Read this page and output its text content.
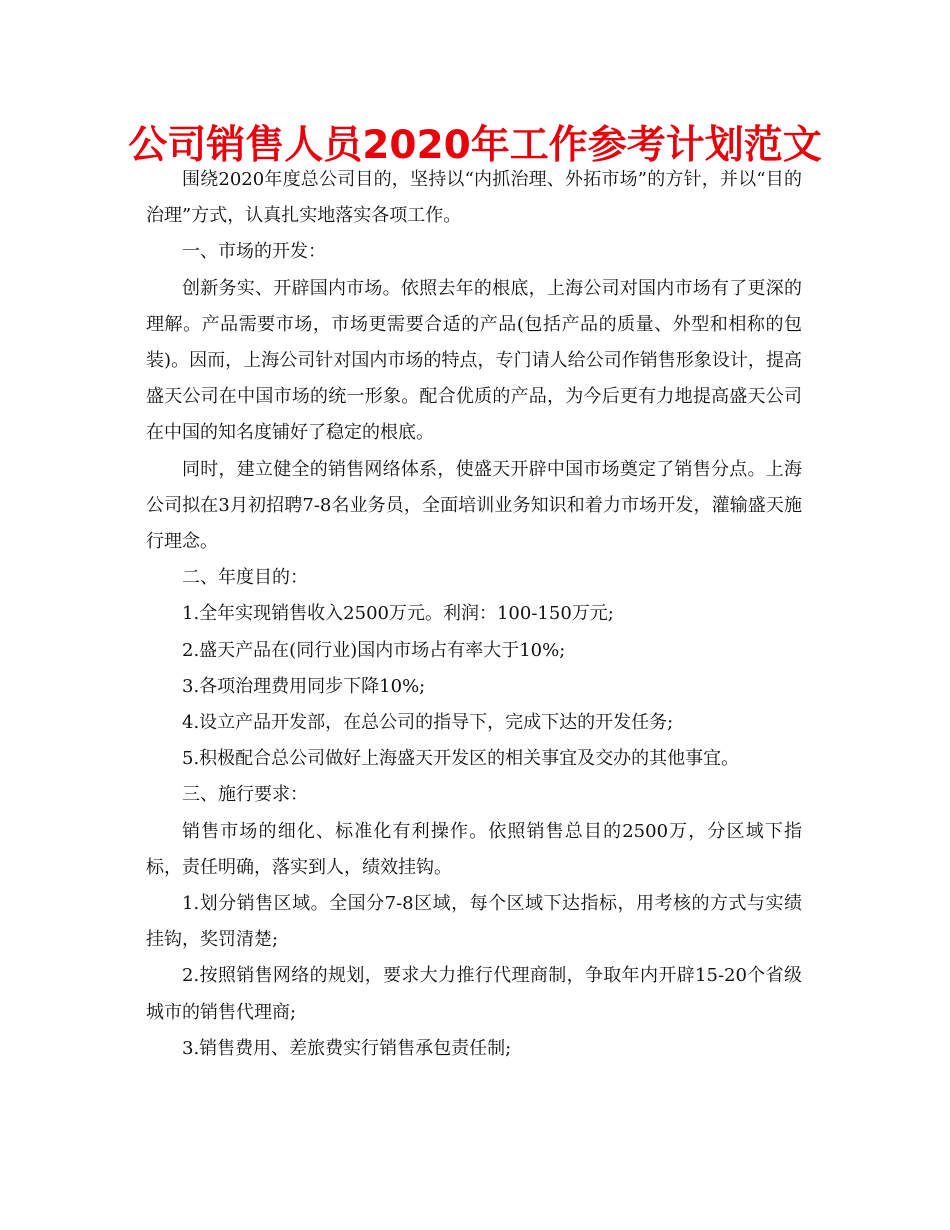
公司销售人员2020年工作参考计划范文

围绕2020年度总公司目的，坚持以“内抓治理、外拓市场”的方针，并以“目的治理”方式，认真扎实地落实各项工作。

一、市场的开发：

创新务实、开辟国内市场。依照去年的根底，上海公司对国内市场有了更深的理解。产品需要市场，市场更需要合适的产品(包括产品的质量、外型和相称的包装)。因而，上海公司针对国内市场的特点，专门请人给公司作销售形象设计，提高盛天公司在中国市场的统一形象。配合优质的产品，为今后更有力地提高盛天公司在中国的知名度铺好了稳定的根底。

同时，建立健全的销售网络体系，使盛天开辟中国市场奠定了销售分点。上海公司拟在3月初招聘7-8名业务员，全面培训业务知识和着力市场开发，灌输盛天施行理念。

二、年度目的：

1.全年实现销售收入2500万元。利润：100-150万元;

2.盛天产品在(同行业)国内市场占有率大于10%;

3.各项治理费用同步下降10%;

4.设立产品开发部，在总公司的指导下，完成下达的开发任务;

5.积极配合总公司做好上海盛天开发区的相关事宜及交办的其他事宜。

三、施行要求：

销售市场的细化、标准化有利操作。依照销售总目的2500万，分区域下指标，责任明确，落实到人，绩效挂钩。

1.划分销售区域。全国分7-8区域，每个区域下达指标，用考核的方式与实绩挂钩，奖罚清楚;

2.按照销售网络的规划，要求大力推行代理商制，争取年内开辟15-20个省级城市的销售代理商;

3.销售费用、差旅费实行销售承包责任制;
